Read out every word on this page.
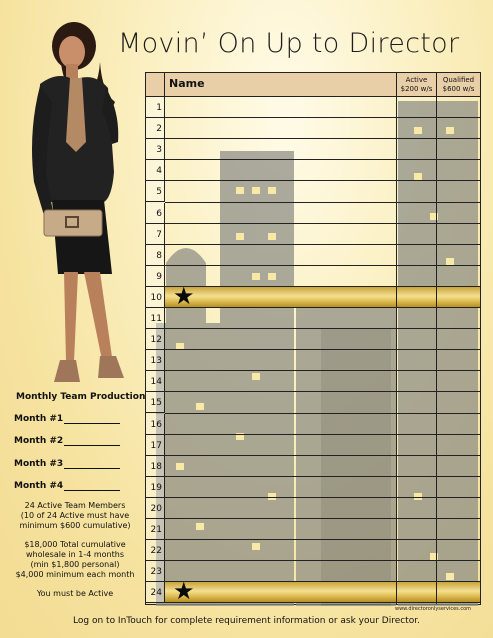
Movin’ On Up to Director
Name	Active
$200 w/s
Qualified
$600 w/s
1
2
3
4
5
6
7
8
9
10 ★
11
12
13
14
15
16
17
18
19
20
21
22
23
24 ★
Monthly Team Production
Month #1
Month #2
Month #3
Month #4
24 Active Team Members
(10 of 24 Active must have
minimum $600 cumulative)
$18,000 Total cumulative
wholesale in 1-4 months
(min $1,800 personal)
$4,000 minimum each month
You must be Active
www.directoronlyservices.com
Log on to InTouch for complete requirement information or ask your Director.
